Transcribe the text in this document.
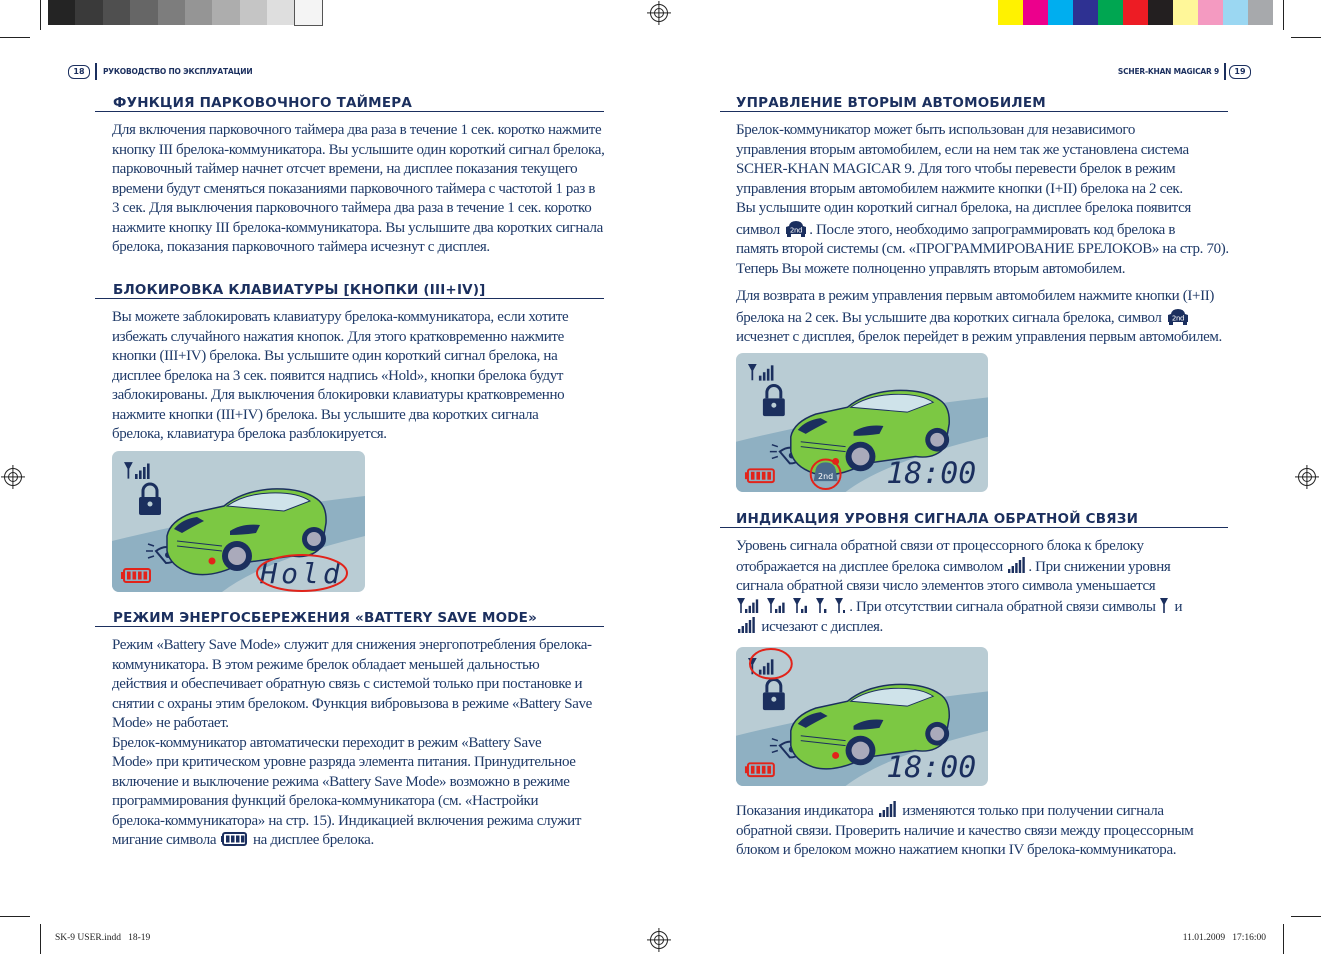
SK-9 USER.indd   18-19	11.01.2009   17:16:00
18	РУКОВОДСТВО ПО ЭКСПЛУАТАЦИИ	SCHER-KHAN MAGICAR 9	19
ФУНКЦИЯ ПАРКОВОЧНОГО ТАЙМЕРА
Для включения парковочного таймера два раза в течение 1 сек. коротко нажмите
кнопку III брелока-коммуникатора. Вы услышите один короткий сигнал брелока,
парковочный таймер начнет отсчет времени, на дисплее показания текущего
времени будут сменяться показаниями парковочного таймера с частотой 1 раз в
3 сек. Для выключения парковочного таймера два раза в течение 1 сек. коротко
нажмите кнопку III брелока-коммуникатора. Вы услышите два коротких сигнала
брелока, показания парковочного таймера исчезнут с дисплея.
БЛОКИРОВКА КЛАВИАТУРЫ [КНОПКИ (III+IV)]
Вы можете заблокировать клавиатуру брелока-коммуникатора, если хотите
избежать случайного нажатия кнопок. Для этого кратковременно нажмите
кнопки (III+IV) брелока. Вы услышите один короткий сигнал брелока, на
дисплее брелока на 3 сек. появится надпись «Hold», кнопки брелока будут
заблокированы. Для выключения блокировки клавиатуры кратковременно
нажмите кнопки (III+IV) брелока. Вы услышите два коротких сигнала
брелока, клавиатура брелока разблокируется.
Hold
РЕЖИМ ЭНЕРГОСБЕРЕЖЕНИЯ «BATTERY SAVE MODE»
Режим «Battery Save Mode» служит для снижения энергопотребления брелока-
коммуникатора. В этом режиме брелок обладает меньшей дальностью
действия и обеспечивает обратную связь с системой только при постановке и
снятии с охраны этим брелоком. Функция вибровызова в режиме «Battery Save
Mode» не работает.
Брелок-коммуникатор автоматически переходит в режим «Battery Save
Mode» при критическом уровне разряда элемента питания. Принудительное
включение и выключение режима «Battery Save Mode» возможно в режиме
программирования функций брелока-коммуникатора (см. «Настройки
брелока-коммуникатора» на стр. 15). Индикацией включения режима служит
мигание символа  на дисплее брелока.
УПРАВЛЕНИЕ ВТОРЫМ АВТОМОБИЛЕМ
Брелок-коммуникатор может быть использован для независимого
управления вторым автомобилем, если на нем так же установлена система
SCHER-KHAN MAGICAR 9. Для того чтобы перевести брелок в режим
управления вторым автомобилем нажмите кнопки (I+II) брелока на 2 сек.
Вы услышите один короткий сигнал брелока, на дисплее брелока появится
символ 2nd . После этого, необходимо запрограммировать код брелока в
память второй системы (см. «ПРОГРАММИРОВАНИЕ БРЕЛОКОВ» на стр. 70).
Теперь Вы можете полноценно управлять вторым автомобилем.
Для возврата в режим управления первым автомобилем нажмите кнопки (I+II)
брелока на 2 сек. Вы услышите два коротких сигнала брелока, символ 2nd
исчезнет с дисплея, брелок перейдет в режим управления первым автомобилем.
18:00
2nd
ИНДИКАЦИЯ УРОВНЯ СИГНАЛА ОБРАТНОЙ СВЯЗИ
Уровень сигнала обратной связи от процессорного блока к брелоку
отображается на дисплее брелока символом . При снижении уровня
сигнала обратной связи число элементов этого символа уменьшается
. При отсутствии сигнала обратной связи символы  и
исчезают с дисплея.
18:00
Показания индикатора  изменяются только при получении сигнала
обратной связи. Проверить наличие и качество связи между процессорным
блоком и брелоком можно нажатием кнопки IV брелока-коммуникатора.
